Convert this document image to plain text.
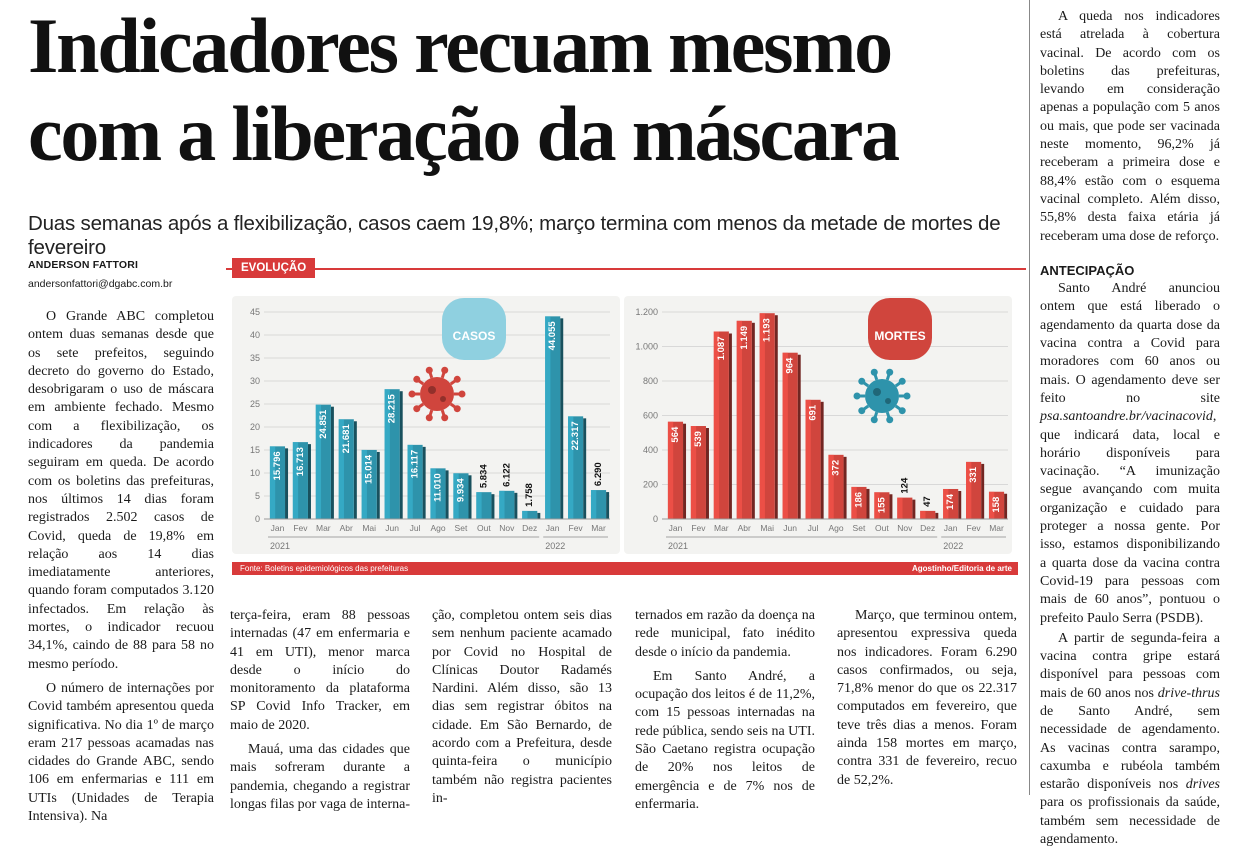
Indicadores recuam mesmo com a liberação da máscara
Duas semanas após a flexibilização, casos caem 19,8%; março termina com menos da metade de mortes de fevereiro
ANDERSON FATTORI
andersonfattori@dgabc.com.br
EVOLUÇÃO
0
5
10
15
20
25
30
35
40
45
CASOS
15.796
Jan
16.713
Fev
24.851
Mar
21.681
Abr
15.014
Mai
28.215
Jun
16.117
Jul
11.010
Ago
9.934
Set
5.834
Out
6.122
Nov
1.758
Dez
44.055
Jan
22.317
Fev
6.290
Mar
2021	2022
0
200
400
600
800
1.000
1.200
MORTES
564
Jan
539
Fev
1.087
Mar
1.149
Abr
1.193
Mai
964
Jun
691
Jul
372
Ago
186
Set
155
Out
124
Nov
47
Dez
174
Jan
331
Fev
158
Mar
2021	2022
Fonte: Boletins epidemiológicos das prefeituras	Agostinho/Editoria de arte

O Grande ABC completou ontem duas semanas desde que os sete prefeitos, seguindo decreto do governo do Estado, desobrigaram o uso de máscara em ambiente fechado. Mesmo com a flexibilização, os indicadores da pandemia seguiram em queda. De acordo com os boletins das prefeituras, nos últimos 14 dias foram registrados 2.502 casos de Covid, queda de 19,8% em relação aos 14 dias imediatamente anteriores, quando foram computados 3.120 infectados. Em relação às mortes, o indicador recuou 34,1%, caindo de 88 para 58 no mesmo período.

O número de internações por Covid também apresentou queda significativa. No dia 1º de março eram 217 pessoas acamadas nas cidades do Grande ABC, sendo 106 em enfermarias e 111 em UTIs (Unidades de Terapia Intensiva). Na

terça-feira, eram 88 pessoas internadas (47 em enfermaria e 41 em UTI), menor marca desde o início do monitoramento da plataforma SP Covid Info Tracker, em maio de 2020.

Mauá, uma das cidades que mais sofreram durante a pandemia, chegando a registrar longas filas por vaga de interna-

ção, completou ontem seis dias sem nenhum paciente acamado por Covid no Hospital de Clínicas Doutor Radamés Nardini. Além disso, são 13 dias sem registrar óbitos na cidade. Em São Bernardo, de acordo com a Prefeitura, desde quinta-feira o município também não registra pacientes in-

ternados em razão da doença na rede municipal, fato inédito desde o início da pandemia.

Em Santo André, a ocupação dos leitos é de 11,2%, com 15 pessoas internadas na rede pública, sendo seis na UTI. São Caetano registra ocupação de 20% nos leitos de emergência e de 7% nos de enfermaria.

Março, que terminou ontem, apresentou expressiva queda nos indicadores. Foram 6.290 casos confirmados, ou seja, 71,8% menor do que os 22.317 computados em fevereiro, que teve três dias a menos. Foram ainda 158 mortes em março, contra 331 de fevereiro, recuo de 52,2%.

A queda nos indicadores está atrelada à cobertura vacinal. De acordo com os boletins das prefeituras, levando em consideração apenas a população com 5 anos ou mais, que pode ser vacinada neste momento, 96,2% já receberam a primeira dose e 88,4% estão com o esquema vacinal completo. Além disso, 55,8% desta faixa etária já receberam uma dose de reforço.

ANTECIPAÇÃO

Santo André anunciou ontem que está liberado o agendamento da quarta dose da vacina contra a Covid para moradores com 60 anos ou mais. O agendamento deve ser feito no site psa.santoandre.br/vacinacovid, que indicará data, local e horário disponíveis para vacinação. “A imunização segue avançando com muita organização e cuidado para proteger a nossa gente. Por isso, estamos disponibilizando a quarta dose da vacina contra Covid-19 para pessoas com mais de 60 anos”, pontuou o prefeito Paulo Serra (PSDB).

A partir de segunda-feira a vacina contra gripe estará disponível para pessoas com mais de 60 anos nos drive-thrus de Santo André, sem necessidade de agendamento. As vacinas contra sarampo, caxumba e rubéola também estarão disponíveis nos drives para os profissionais da saúde, também sem necessidade de agendamento.
